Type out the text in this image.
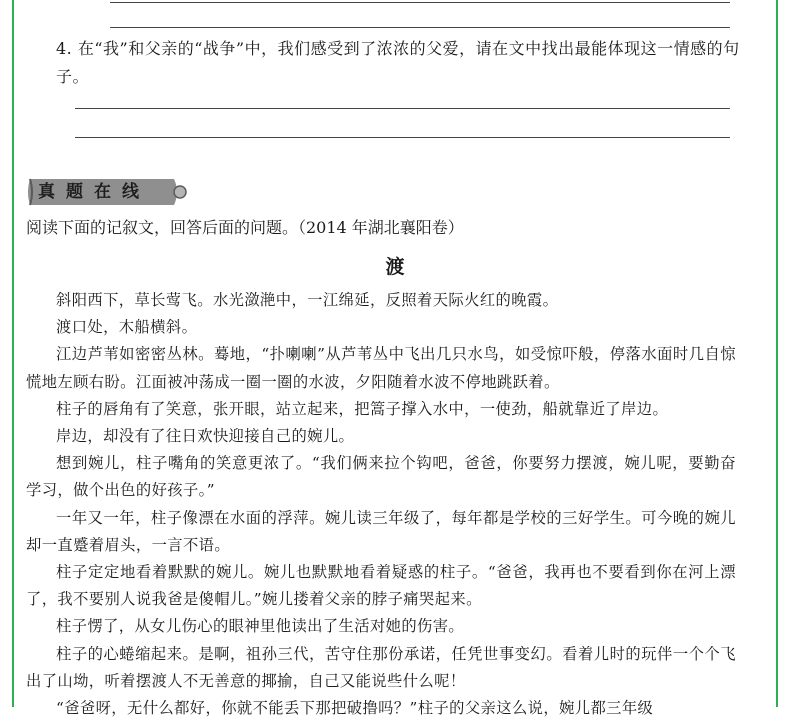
4. 在“我”和父亲的“战争”中，我们感受到了浓浓的父爱，请在文中找出最能体现这一情感的句子。
真题在线
阅读下面的记叙文，回答后面的问题。（2014 年湖北襄阳卷）
渡

斜阳西下，草长莺飞。水光潋滟中，一江绵延，反照着天际火红的晚霞。

渡口处，木船横斜。

江边芦苇如密密丛林。蓦地，“扑喇喇”从芦苇丛中飞出几只水鸟，如受惊吓般，停落水面时几自惊慌地左顾右盼。江面被冲荡成一圈一圈的水波，夕阳随着水波不停地跳跃着。

柱子的唇角有了笑意，张开眼，站立起来，把篙子撑入水中，一使劲，船就靠近了岸边。

岸边，却没有了往日欢快迎接自己的婉儿。

想到婉儿，柱子嘴角的笑意更浓了。“我们俩来拉个钩吧，爸爸，你要努力摆渡，婉儿呢，要勤奋学习，做个出色的好孩子。”

一年又一年，柱子像漂在水面的浮萍。婉儿读三年级了，每年都是学校的三好学生。可今晚的婉儿却一直蹙着眉头，一言不语。

柱子定定地看着默默的婉儿。婉儿也默默地看着疑惑的柱子。“爸爸，我再也不要看到你在河上漂了，我不要别人说我爸是傻帽儿。”婉儿搂着父亲的脖子痛哭起来。

柱子愣了，从女儿伤心的眼神里他读出了生活对她的伤害。

柱子的心蜷缩起来。是啊，祖孙三代，苦守住那份承诺，任凭世事变幻。看着儿时的玩伴一个个飞出了山坳，听着摆渡人不无善意的揶揄，自己又能说些什么呢！

“爸爸呀，无什么都好，你就不能丢下那把破撸吗？”柱子的父亲这么说，婉儿都三年级
